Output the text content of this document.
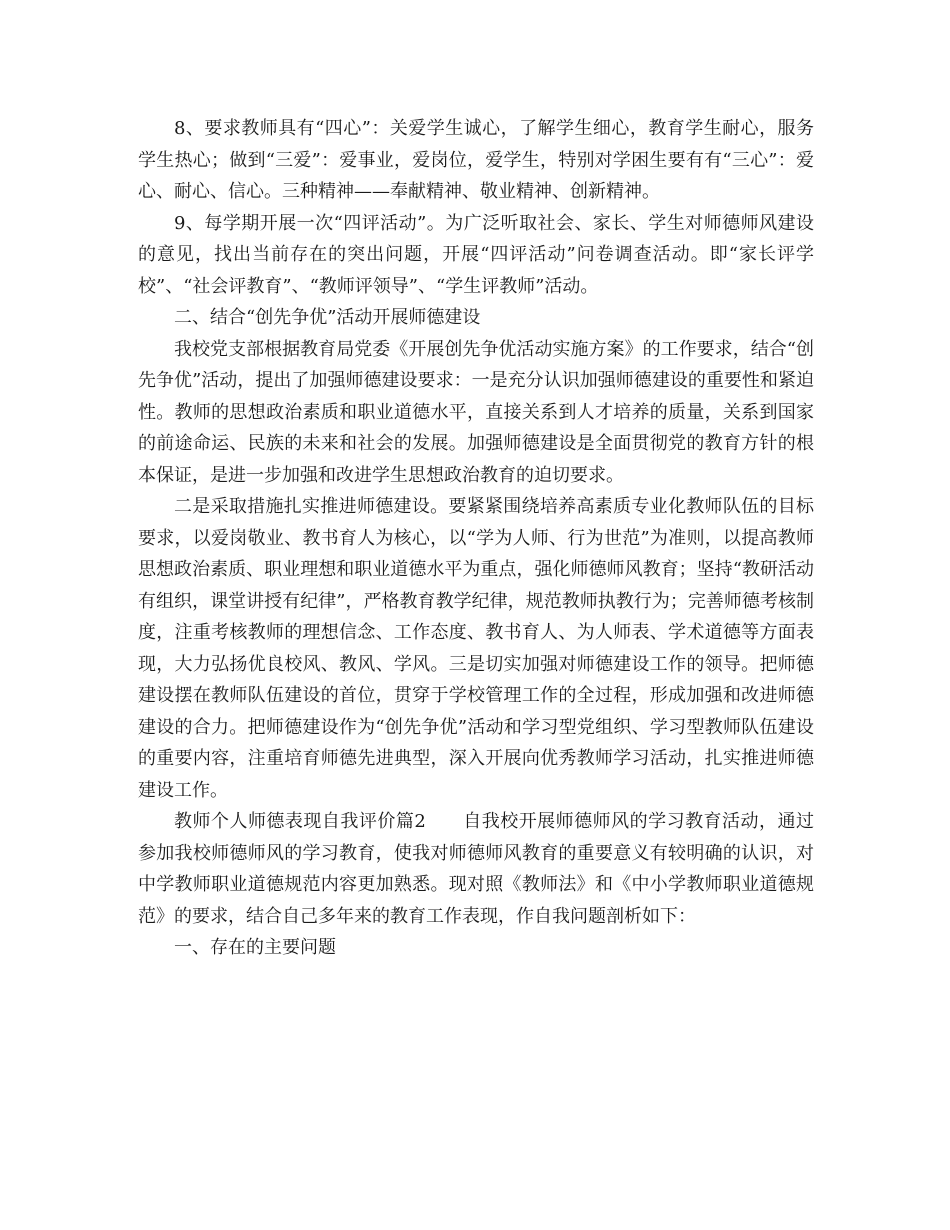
8、要求教师具有“四心”：关爱学生诚心，了解学生细心，教育学生耐心，服务学生热心；做到“三爱”：爱事业，爱岗位，爱学生，特别对学困生要有有“三心”：爱心、耐心、信心。三种精神——奉献精神、敬业精神、创新精神。

9、每学期开展一次“四评活动”。为广泛听取社会、家长、学生对师德师风建设的意见，找出当前存在的突出问题，开展“四评活动”问卷调查活动。即“家长评学校”、“社会评教育”、“教师评领导”、“学生评教师”活动。

二、结合“创先争优”活动开展师德建设

我校党支部根据教育局党委《开展创先争优活动实施方案》的工作要求，结合“创先争优”活动，提出了加强师德建设要求：一是充分认识加强师德建设的重要性和紧迫性。教师的思想政治素质和职业道德水平，直接关系到人才培养的质量，关系到国家的前途命运、民族的未来和社会的发展。加强师德建设是全面贯彻党的教育方针的根本保证，是进一步加强和改进学生思想政治教育的迫切要求。

二是采取措施扎实推进师德建设。要紧紧围绕培养高素质专业化教师队伍的目标要求，以爱岗敬业、教书育人为核心，以“学为人师、行为世范”为准则，以提高教师思想政治素质、职业理想和职业道德水平为重点，强化师德师风教育；坚持“教研活动有组织，课堂讲授有纪律”，严格教育教学纪律，规范教师执教行为；完善师德考核制度，注重考核教师的理想信念、工作态度、教书育人、为人师表、学术道德等方面表现，大力弘扬优良校风、教风、学风。三是切实加强对师德建设工作的领导。把师德建设摆在教师队伍建设的首位，贯穿于学校管理工作的全过程，形成加强和改进师德建设的合力。把师德建设作为“创先争优”活动和学习型党组织、学习型教师队伍建设的重要内容，注重培育师德先进典型，深入开展向优秀教师学习活动，扎实推进师德建设工作。

教师个人师德表现自我评价篇2　　自我校开展师德师风的学习教育活动，通过参加我校师德师风的学习教育，使我对师德师风教育的重要意义有较明确的认识，对中学教师职业道德规范内容更加熟悉。现对照《教师法》和《中小学教师职业道德规范》的要求，结合自己多年来的教育工作表现，作自我问题剖析如下：

一、存在的主要问题
